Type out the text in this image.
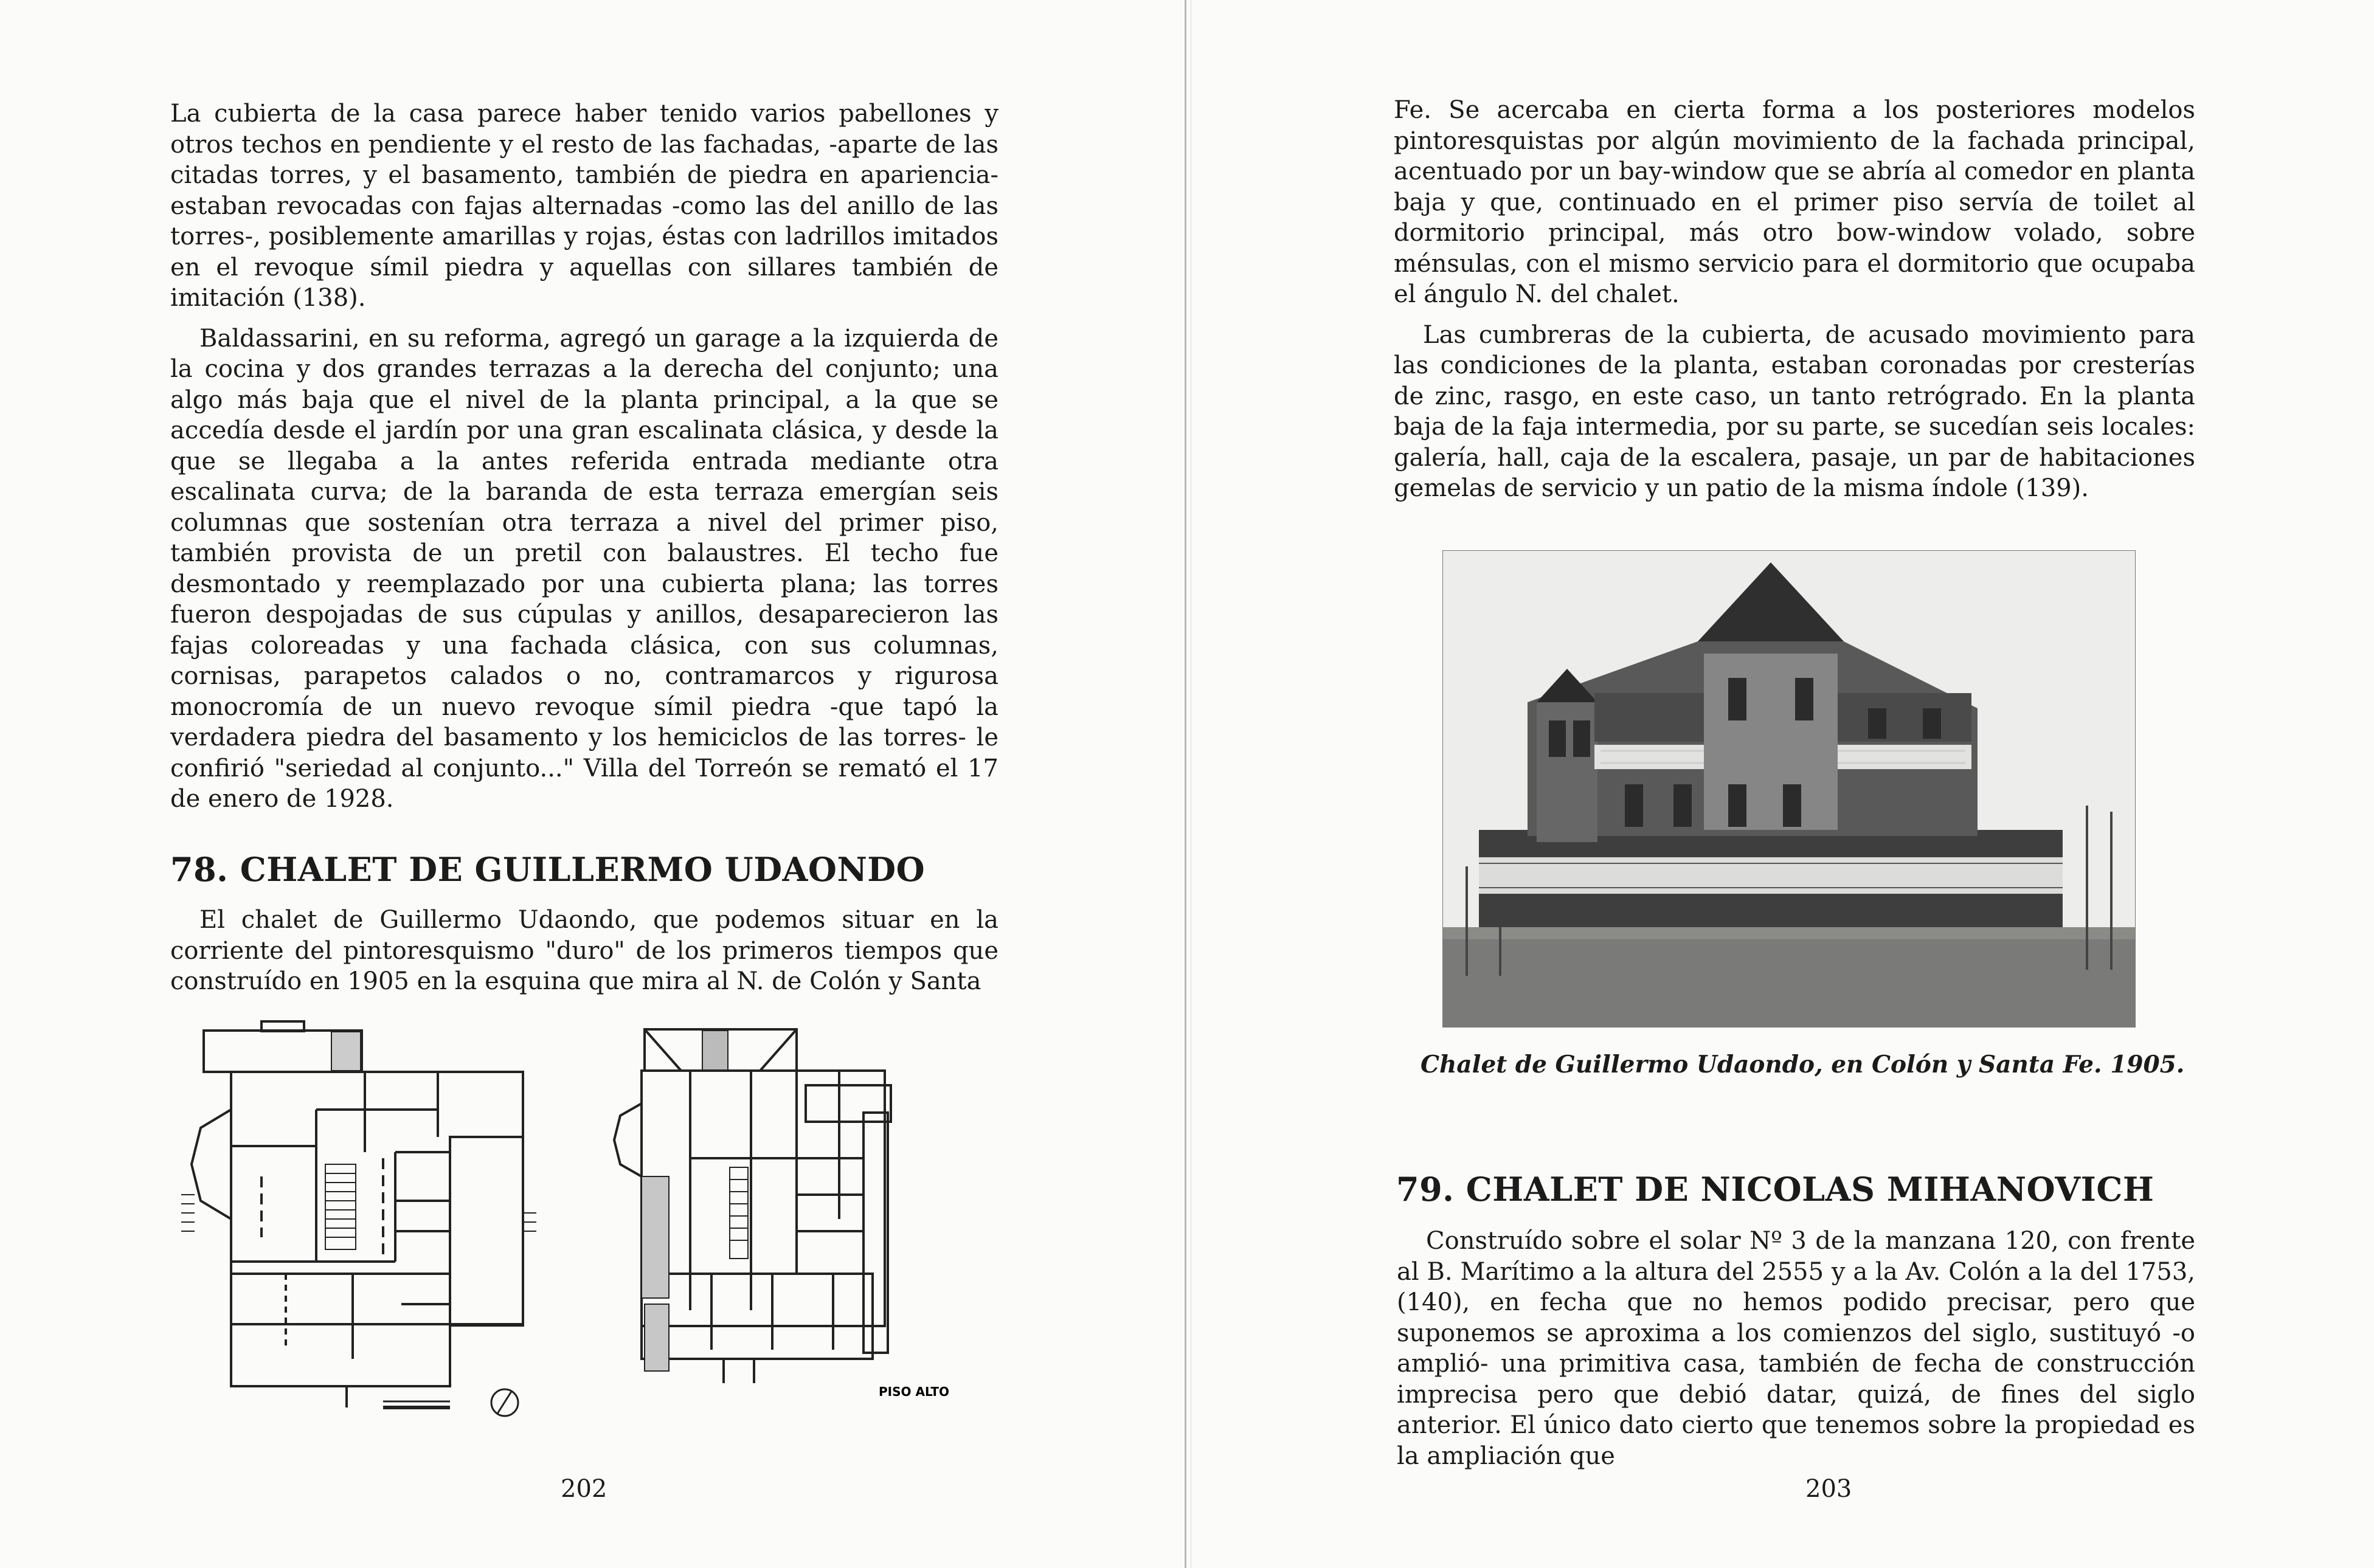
La cubierta de la casa parece haber tenido varios pabellones y otros techos en pendiente y el resto de las fachadas, -aparte de las citadas torres, y el basamento, también de piedra en apariencia- estaban revocadas con fajas alternadas -como las del anillo de las torres-, posiblemente amarillas y rojas, éstas con ladrillos imitados en el revoque símil piedra y aquellas con sillares también de imitación (138).

Baldassarini, en su reforma, agregó un garage a la izquierda de la cocina y dos grandes terrazas a la derecha del conjunto; una algo más baja que el nivel de la planta principal, a la que se accedía desde el jardín por una gran escalinata clásica, y desde la que se llegaba a la antes referida entrada mediante otra escalinata curva; de la baranda de esta terraza emergían seis columnas que sostenían otra terraza a nivel del primer piso, también provista de un pretil con balaustres. El techo fue desmontado y reemplazado por una cubierta plana; las torres fueron despojadas de sus cúpulas y anillos, desaparecieron las fajas coloreadas y una fachada clásica, con sus columnas, cornisas, parapetos calados o no, contramarcos y rigurosa monocromía de un nuevo revoque símil piedra -que tapó la verdadera piedra del basamento y los hemiciclos de las torres- le confirió "seriedad al conjunto..." Villa del Torreón se remató el 17 de enero de 1928.

78. CHALET DE GUILLERMO UDAONDO

El chalet de Guillermo Udaondo, que podemos situar en la corriente del pintoresquismo "duro" de los primeros tiempos que construído en 1905 en la esquina que mira al N. de Colón y Santa

PISO ALTO
202

Fe. Se acercaba en cierta forma a los posteriores modelos pintoresquistas por algún movimiento de la fachada principal, acentuado por un bay-window que se abría al comedor en planta baja y que, continuado en el primer piso servía de toilet al dormitorio principal, más otro bow-window volado, sobre ménsulas, con el mismo servicio para el dormitorio que ocupaba el ángulo N. del chalet.

Las cumbreras de la cubierta, de acusado movimiento para las condiciones de la planta, estaban coronadas por cresterías de zinc, rasgo, en este caso, un tanto retrógrado. En la planta baja de la faja intermedia, por su parte, se sucedían seis locales: galería, hall, caja de la escalera, pasaje, un par de habitaciones gemelas de servicio y un patio de la misma índole (139).

Chalet de Guillermo Udaondo, en Colón y Santa Fe. 1905.
79. CHALET DE NICOLAS MIHANOVICH

Construído sobre el solar Nº 3 de la manzana 120, con frente al B. Marítimo a la altura del 2555 y a la Av. Colón a la del 1753, (140), en fecha que no hemos podido precisar, pero que suponemos se aproxima a los comienzos del siglo, sustituyó -o amplió- una primitiva casa, también de fecha de construcción imprecisa pero que debió datar, quizá, de fines del siglo anterior. El único dato cierto que tenemos sobre la propiedad es la ampliación que

203
